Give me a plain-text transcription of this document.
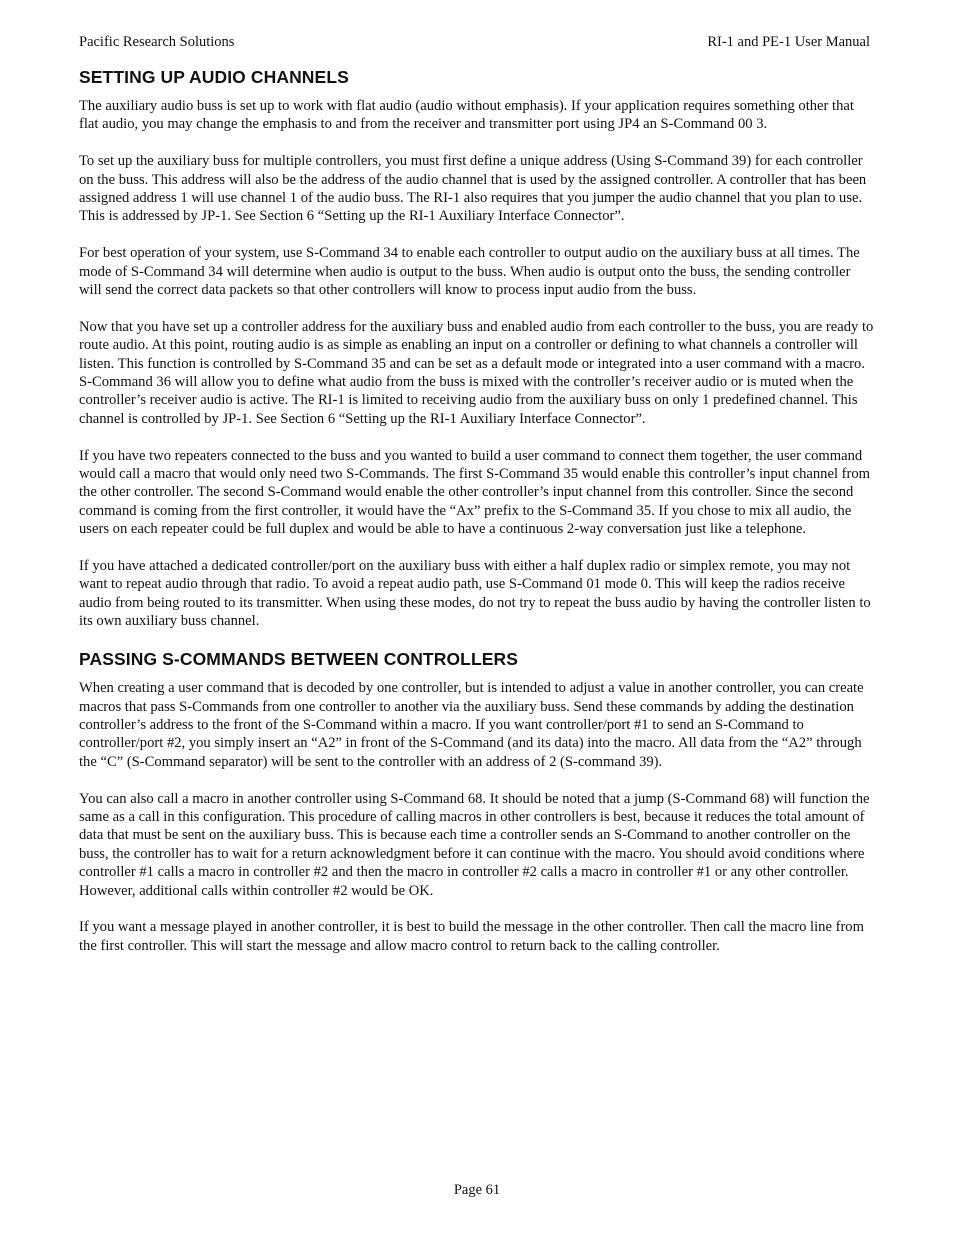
Pacific Research Solutions	RI-1 and PE-1 User Manual
SETTING UP AUDIO CHANNELS

The auxiliary audio buss is set up to work with flat audio (audio without emphasis). If your application requires something other that flat audio, you may change the emphasis to and from the receiver and transmitter port using JP4 an S-Command 00 3.

To set up the auxiliary buss for multiple controllers, you must first define a unique address (Using S-Command 39) for each controller on the buss. This address will also be the address of the audio channel that is used by the assigned controller. A controller that has been assigned address 1 will use channel 1 of the audio buss. The RI-1 also requires that you jumper the audio channel that you plan to use. This is addressed by JP-1. See Section 6 “Setting up the RI-1 Auxiliary Interface Connector”.

For best operation of your system, use S-Command 34 to enable each controller to output audio on the auxiliary buss at all times. The mode of S-Command 34 will determine when audio is output to the buss. When audio is output onto the buss, the sending controller will send the correct data packets so that other controllers will know to process input audio from the buss.

Now that you have set up a controller address for the auxiliary buss and enabled audio from each controller to the buss, you are ready to route audio. At this point, routing audio is as simple as enabling an input on a controller or defining to what channels a controller will listen. This function is controlled by S-Command 35 and can be set as a default mode or integrated into a user command with a macro. S-Command 36 will allow you to define what audio from the buss is mixed with the controller’s receiver audio or is muted when the controller’s receiver audio is active. The RI-1 is limited to receiving audio from the auxiliary buss on only 1 predefined channel. This channel is controlled by JP-1. See Section 6 “Setting up the RI-1 Auxiliary Interface Connector”.

If you have two repeaters connected to the buss and you wanted to build a user command to connect them together, the user command would call a macro that would only need two S-Commands. The first S-Command 35 would enable this controller’s input channel from the other controller. The second S-Command would enable the other controller’s input channel from this controller. Since the second command is coming from the first controller, it would have the “Ax” prefix to the S-Command 35. If you chose to mix all audio, the users on each repeater could be full duplex and would be able to have a continuous 2-way conversation just like a telephone.

If you have attached a dedicated controller/port on the auxiliary buss with either a half duplex radio or simplex remote, you may not want to repeat audio through that radio. To avoid a repeat audio path, use S-Command 01 mode 0. This will keep the radios receive audio from being routed to its transmitter. When using these modes, do not try to repeat the buss audio by having the controller listen to its own auxiliary buss channel.

PASSING S-COMMANDS BETWEEN CONTROLLERS

When creating a user command that is decoded by one controller, but is intended to adjust a value in another controller, you can create macros that pass S-Commands from one controller to another via the auxiliary buss. Send these commands by adding the destination controller’s address to the front of the S-Command within a macro. If you want controller/port #1 to send an S-Command to controller/port #2, you simply insert an “A2” in front of the S-Command (and its data) into the macro. All data from the “A2” through the “C” (S-Command separator) will be sent to the controller with an address of 2 (S-command 39).

You can also call a macro in another controller using S-Command 68. It should be noted that a jump (S-Command 68) will function the same as a call in this configuration. This procedure of calling macros in other controllers is best, because it reduces the total amount of data that must be sent on the auxiliary buss. This is because each time a controller sends an S-Command to another controller on the buss, the controller has to wait for a return acknowledgment before it can continue with the macro. You should avoid conditions where controller #1 calls a macro in controller #2 and then the macro in controller #2 calls a macro in controller #1 or any other controller. However, additional calls within controller #2 would be OK.

If you want a message played in another controller, it is best to build the message in the other controller. Then call the macro line from the first controller. This will start the message and allow macro control to return back to the calling controller.

Page 61
